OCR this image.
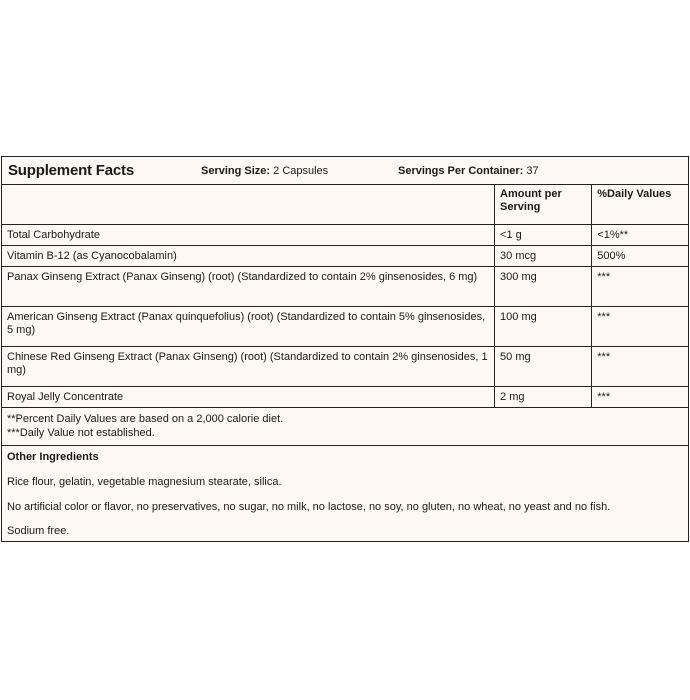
Supplement Facts	Serving Size: 2 Capsules	Servings Per Container: 37
	Amount per Serving	%Daily Values
Total Carbohydrate	<1 g	<1%**
Vitamin B-12 (as Cyanocobalamin)	30 mcg	500%
Panax Ginseng Extract (Panax Ginseng) (root) (Standardized to contain 2% ginsenosides, 6 mg)	300 mg	***
American Ginseng Extract (Panax quinquefolius) (root) (Standardized to contain 5% ginsenosides, 5 mg)	100 mg	***
Chinese Red Ginseng Extract (Panax Ginseng) (root) (Standardized to contain 2% ginsenosides, 1 mg)	50 mg	***
Royal Jelly Concentrate	2 mg	***
**Percent Daily Values are based on a 2,000 calorie diet.
***Daily Value not established.
Other Ingredients
Rice flour, gelatin, vegetable magnesium stearate, silica.
No artificial color or flavor, no preservatives, no sugar, no milk, no lactose, no soy, no gluten, no wheat, no yeast and no fish.
Sodium free.
